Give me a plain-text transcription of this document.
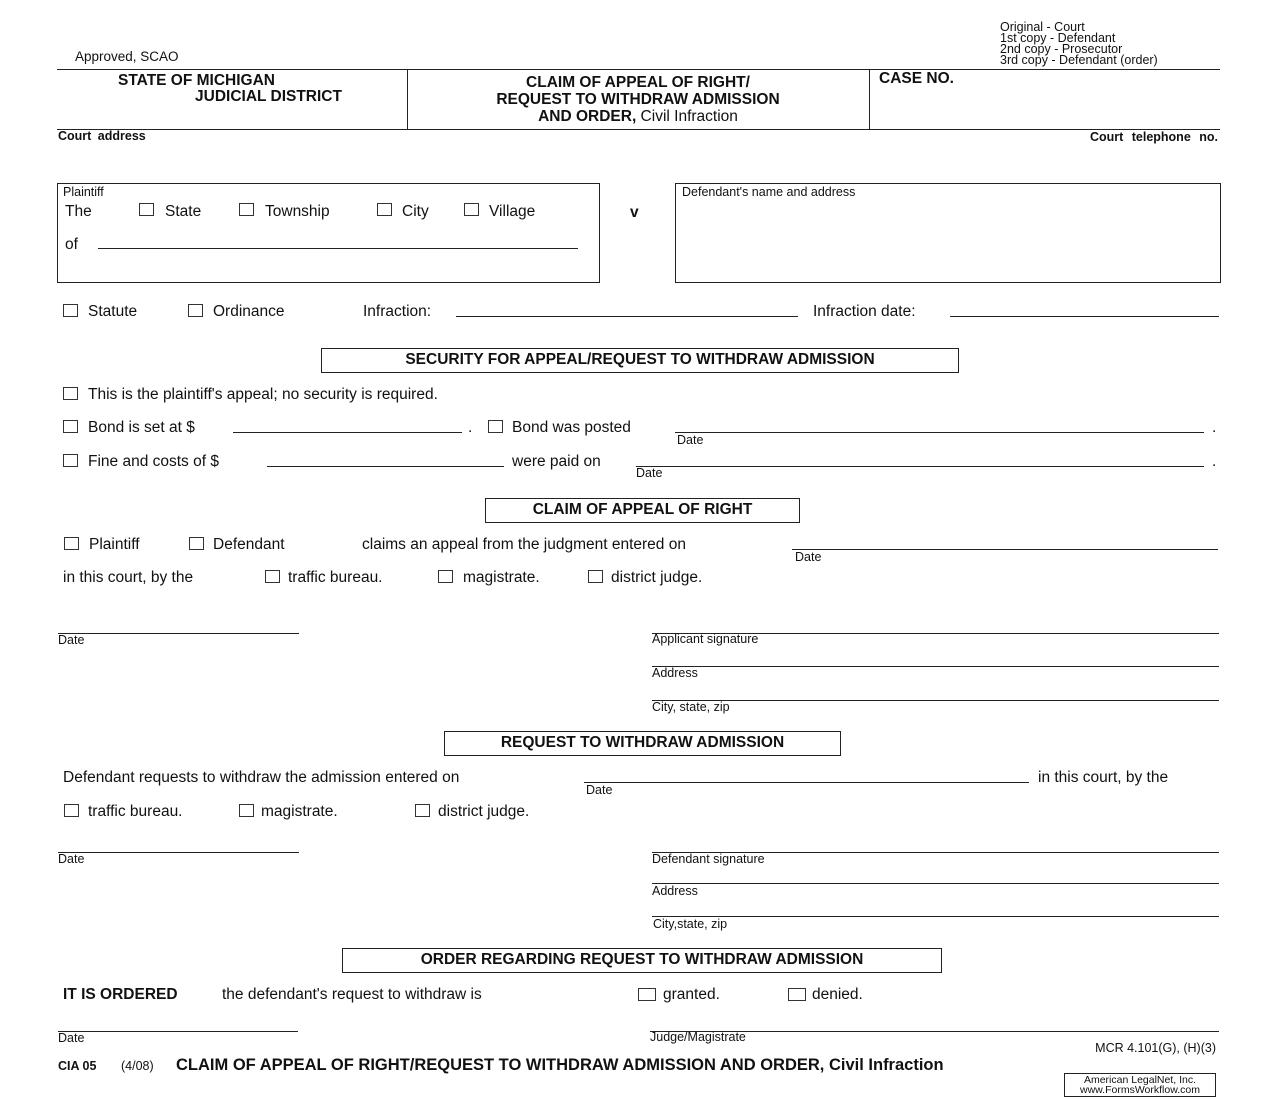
Approved, SCAO
Original - Court
1st copy - Defendant
2nd copy - Prosecutor
3rd copy - Defendant (order)
STATE OF MICHIGAN
JUDICIAL DISTRICT
CLAIM OF APPEAL OF RIGHT/
REQUEST TO WITHDRAW ADMISSION
AND ORDER, Civil Infraction
CASE NO.
Court address	Court telephone no.
Plaintiff
The	State	Township	City	Village
of
v
Defendant's name and address
Statute	Ordinance	Infraction:	Infraction date:
SECURITY FOR APPEAL/REQUEST TO WITHDRAW ADMISSION
This is the plaintiff's appeal; no security is required.
Bond is set at $	.	Bond was posted
Date
.
Fine and costs of $	were paid on
Date
.
CLAIM OF APPEAL OF RIGHT
Plaintiff	Defendant	claims an appeal from the judgment entered on
Date
in this court, by the	traffic bureau.	magistrate.	district judge.
Date	Applicant signature
Address
City, state, zip
REQUEST TO WITHDRAW ADMISSION
Defendant requests to withdraw the admission entered on
Date
in this court, by the
traffic bureau.	magistrate.	district judge.
Date	Defendant signature
Address
City,state, zip
ORDER REGARDING REQUEST TO WITHDRAW ADMISSION
IT IS ORDERED	the defendant's request to withdraw is	granted.	denied.
Date	Judge/Magistrate
MCR 4.101(G), (H)(3)
CIA 05 (4/08) CLAIM OF APPEAL OF RIGHT/REQUEST TO WITHDRAW ADMISSION AND ORDER, Civil Infraction
American LegalNet, Inc.
www.FormsWorkflow.com
